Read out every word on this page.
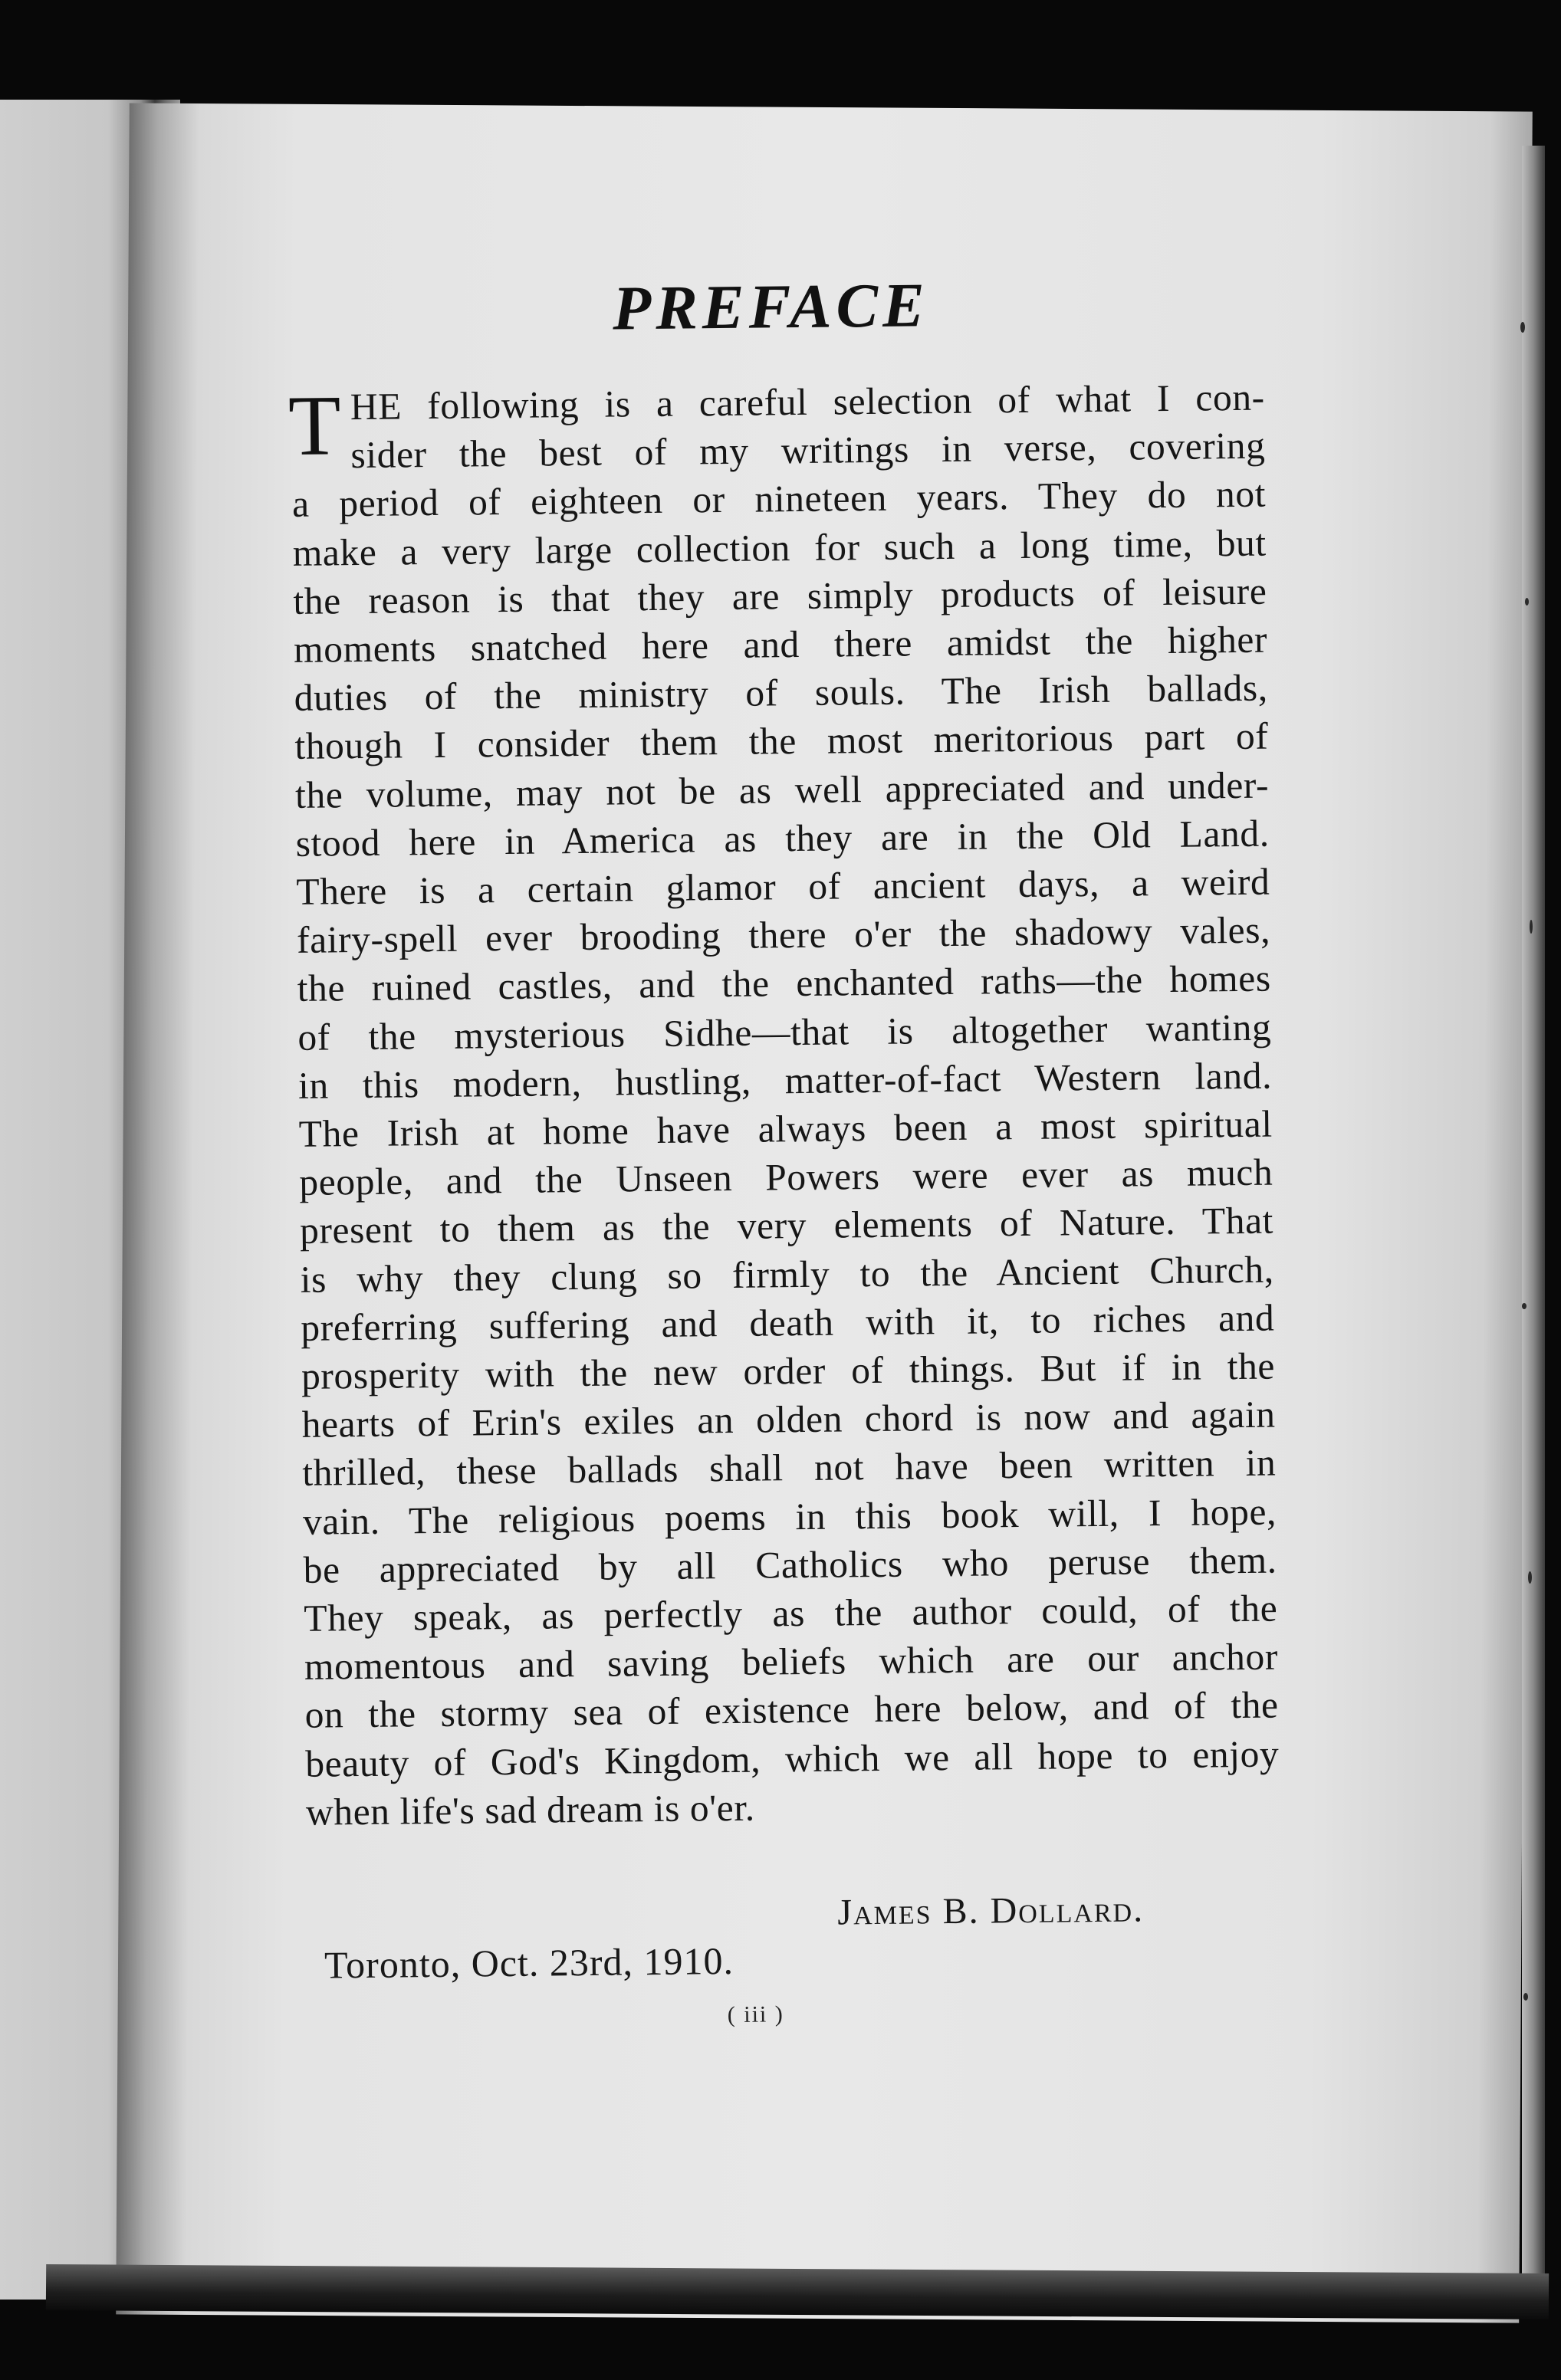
PREFACE
T HE following is a careful selection of what I con-
sider the best of my writings in verse, covering
a period of eighteen or nineteen years. They do not
make a very large collection for such a long time, but
the reason is that they are simply products of leisure
moments snatched here and there amidst the higher
duties of the ministry of souls. The Irish ballads,
though I consider them the most meritorious part of
the volume, may not be as well appreciated and under-
stood here in America as they are in the Old Land.
There is a certain glamor of ancient days, a weird
fairy-spell ever brooding there o'er the shadowy vales,
the ruined castles, and the enchanted raths—the homes
of the mysterious Sidhe—that is altogether wanting
in this modern, hustling, matter-of-fact Western land.
The Irish at home have always been a most spiritual
people, and the Unseen Powers were ever as much
present to them as the very elements of Nature. That
is why they clung so firmly to the Ancient Church,
preferring suffering and death with it, to riches and
prosperity with the new order of things. But if in the
hearts of Erin's exiles an olden chord is now and again
thrilled, these ballads shall not have been written in
vain. The religious poems in this book will, I hope,
be appreciated by all Catholics who peruse them.
They speak, as perfectly as the author could, of the
momentous and saving beliefs which are our anchor
on the stormy sea of existence here below, and of the
beauty of God's Kingdom, which we all hope to enjoy
when life's sad dream is o'er.
James B. Dollard.
Toronto, Oct. 23rd, 1910.
( iii )
